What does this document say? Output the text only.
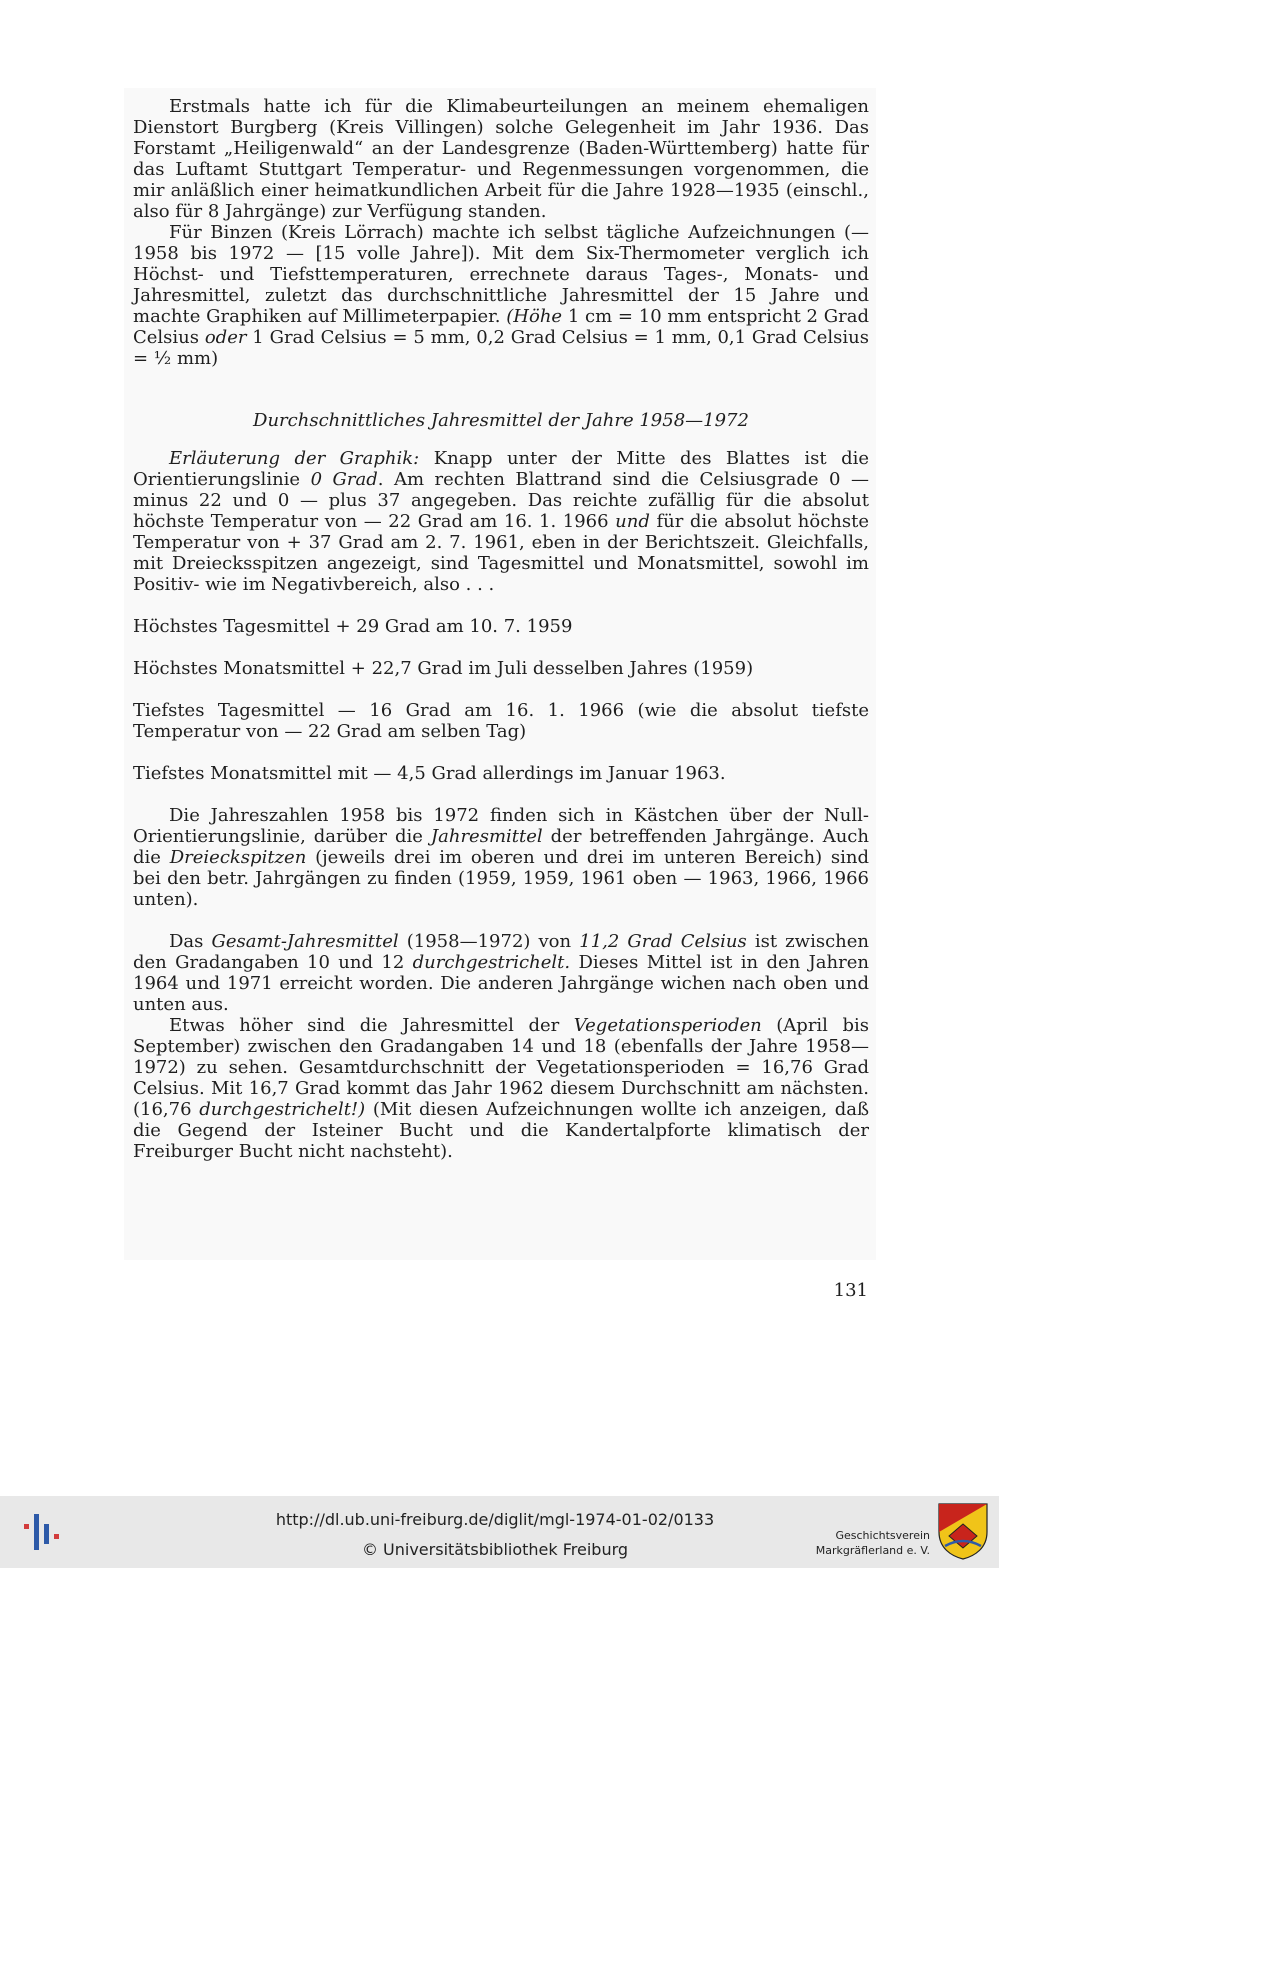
Erstmals hatte ich für die Klimabeurteilungen an meinem ehemaligen Dienstort Burgberg (Kreis Villingen) solche Gelegenheit im Jahr 1936. Das Forstamt „Heiligenwald“ an der Landesgrenze (Baden-Württemberg) hatte für das Luftamt Stuttgart Temperatur- und Regenmessungen vorgenommen, die mir anläßlich einer heimatkundlichen Arbeit für die Jahre 1928—1935 (einschl., also für 8 Jahrgänge) zur Verfügung standen.

Für Binzen (Kreis Lörrach) machte ich selbst tägliche Aufzeichnungen (— 1958 bis 1972 — [15 volle Jahre]). Mit dem Six-Thermometer verglich ich Höchst- und Tiefsttemperaturen, errechnete daraus Tages-, Monats- und Jahresmittel, zuletzt das durchschnittliche Jahresmittel der 15 Jahre und machte Graphiken auf Millimeterpapier. (Höhe 1 cm = 10 mm entspricht 2 Grad Celsius oder 1 Grad Celsius = 5 mm, 0,2 Grad Celsius = 1 mm, 0,1 Grad Celsius = ½ mm)

Durchschnittliches Jahresmittel der Jahre 1958—1972

Erläuterung der Graphik: Knapp unter der Mitte des Blattes ist die Orientierungslinie 0 Grad. Am rechten Blattrand sind die Celsiusgrade 0 — minus 22 und 0 — plus 37 angegeben. Das reichte zufällig für die absolut höchste Temperatur von — 22 Grad am 16. 1. 1966 und für die absolut höchste Temperatur von + 37 Grad am 2. 7. 1961, eben in der Berichtszeit. Gleichfalls, mit Dreiecksspitzen angezeigt, sind Tagesmittel und Monatsmittel, sowohl im Positiv- wie im Negativbereich, also . . .

Höchstes Tagesmittel + 29 Grad am 10. 7. 1959

Höchstes Monatsmittel + 22,7 Grad im Juli desselben Jahres (1959)

Tiefstes Tagesmittel — 16 Grad am 16. 1. 1966 (wie die absolut tiefste Temperatur von — 22 Grad am selben Tag)

Tiefstes Monatsmittel mit — 4,5 Grad allerdings im Januar 1963.

Die Jahreszahlen 1958 bis 1972 finden sich in Kästchen über der Null-Orientierungslinie, darüber die Jahresmittel der betreffenden Jahrgänge. Auch die Dreieckspitzen (jeweils drei im oberen und drei im unteren Bereich) sind bei den betr. Jahrgängen zu finden (1959, 1959, 1961 oben — 1963, 1966, 1966 unten).

Das Gesamt-Jahresmittel (1958—1972) von 11,2 Grad Celsius ist zwischen den Gradangaben 10 und 12 durchgestrichelt. Dieses Mittel ist in den Jahren 1964 und 1971 erreicht worden. Die anderen Jahrgänge wichen nach oben und unten aus.

Etwas höher sind die Jahresmittel der Vegetationsperioden (April bis September) zwischen den Gradangaben 14 und 18 (ebenfalls der Jahre 1958—1972) zu sehen. Gesamtdurchschnitt der Vegetationsperioden = 16,76 Grad Celsius. Mit 16,7 Grad kommt das Jahr 1962 diesem Durchschnitt am nächsten. (16,76 durchgestrichelt!) (Mit diesen Aufzeichnungen wollte ich anzeigen, daß die Gegend der Isteiner Bucht und die Kandertalpforte klimatisch der Freiburger Bucht nicht nachsteht).

131
http://dl.ub.uni-freiburg.de/diglit/mgl-1974-01-02/0133
© Universitätsbibliothek Freiburg
Geschichtsverein
Markgräflerland e. V.
